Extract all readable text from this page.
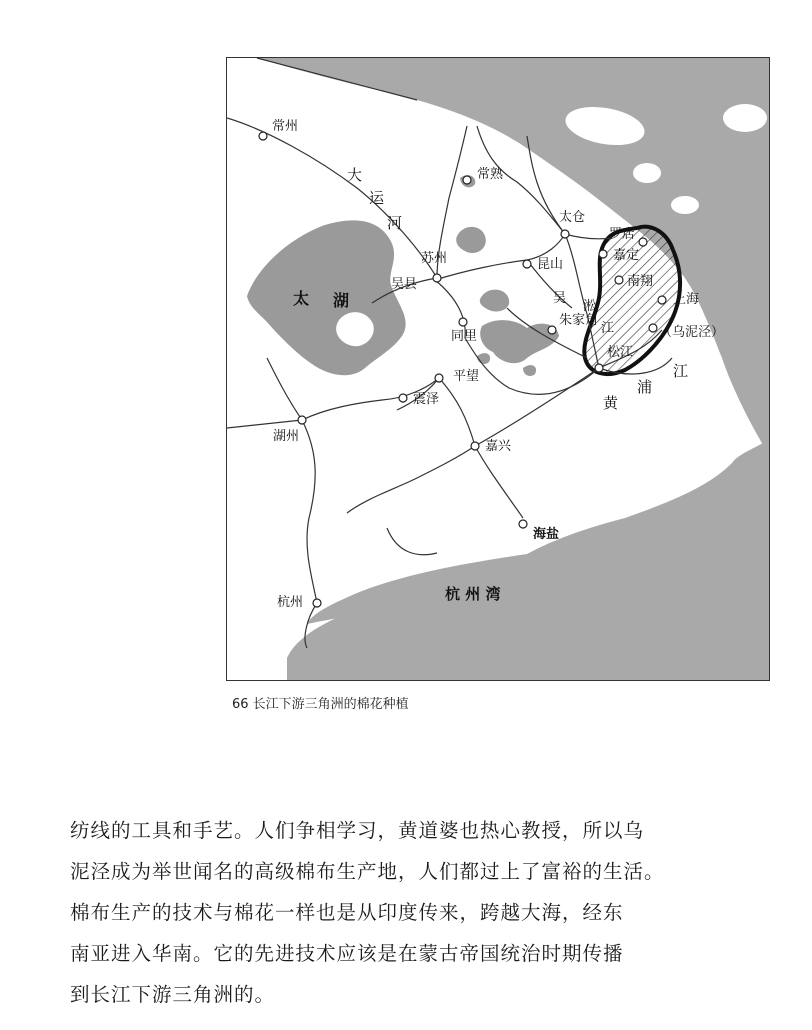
常州
大
运
河
常熟
太仓
罗店
嘉定
南翔
苏州
吴县
昆山
太 湖	吴
淞
江
上海
朱家角
（乌泥泾）
同里
松江
平望	江
浦
黄
震泽
湖州
嘉兴
海盐
杭州	杭 州 湾
66 长江下游三角洲的棉花种植

纺线的工具和手艺。人们争相学习，黄道婆也热心教授，所以乌

泥泾成为举世闻名的高级棉布生产地，人们都过上了富裕的生活。

棉布生产的技术与棉花一样也是从印度传来，跨越大海，经东

南亚进入华南。它的先进技术应该是在蒙古帝国统治时期传播

到长江下游三角洲的。
